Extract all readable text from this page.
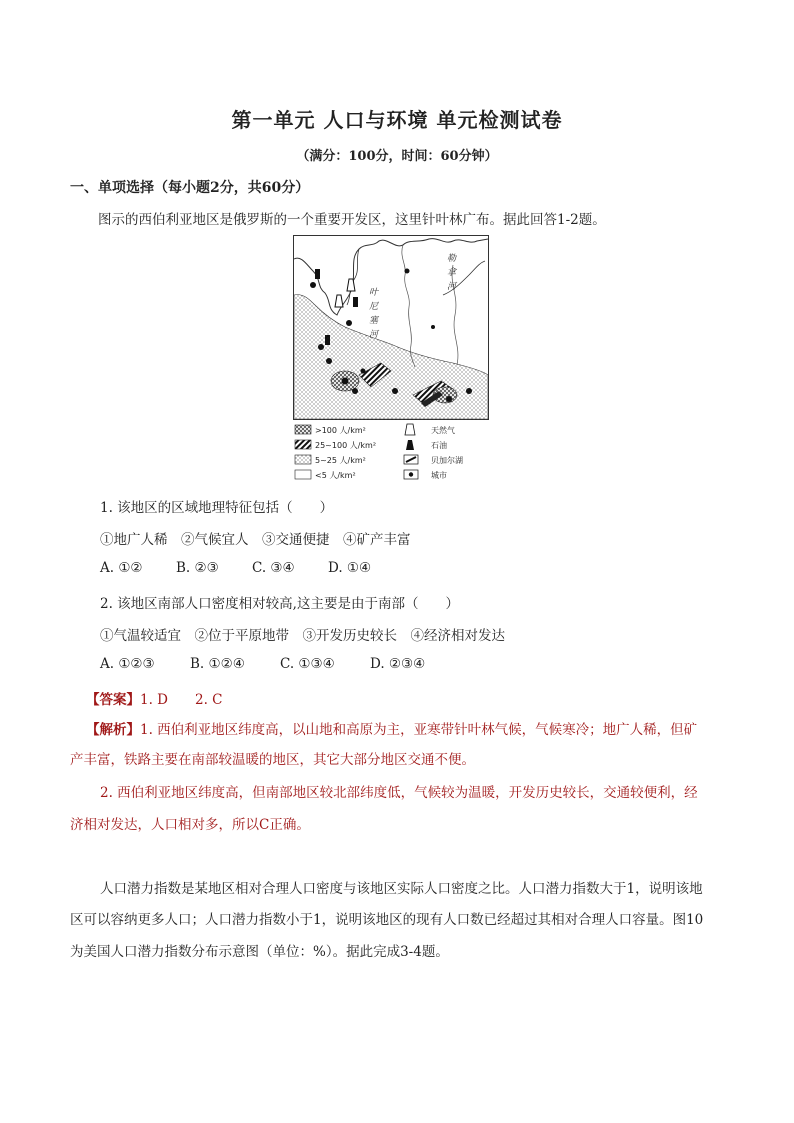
第一单元 人口与环境 单元检测试卷
（满分：100分，时间：60分钟）
一、单项选择（每小题2分，共60分）
图示的西伯利亚地区是俄罗斯的一个重要开发区，这里针叶林广布。据此回答1-2题。
叶
尼
塞
河
勒
拿
河
>100 人/km²
25~100 人/km²
5~25 人/km²
<5 人/km²
天然气
石油
贝加尔湖
城市
1. 该地区的区域地理特征包括（　　）
①地广人稀　②气候宜人　③交通便捷　④矿产丰富
A. ①② B. ②③ C. ③④ D. ①④
2. 该地区南部人口密度相对较高,这主要是由于南部（　　）
①气温较适宜　②位于平原地带　③开发历史较长　④经济相对发达
A. ①②③	B. ①②④	C. ①③④	D. ②③④
【答案】1. D　　2. C
【解析】1. 西伯利亚地区纬度高，以山地和高原为主，亚寒带针叶林气候，气候寒冷；地广人稀，但矿
产丰富，铁路主要在南部较温暖的地区，其它大部分地区交通不便。
2. 西伯利亚地区纬度高，但南部地区较北部纬度低，气候较为温暖，开发历史较长，交通较便利，经
济相对发达，人口相对多，所以C正确。
人口潜力指数是某地区相对合理人口密度与该地区实际人口密度之比。人口潜力指数大于1，说明该地
区可以容纳更多人口；人口潜力指数小于1，说明该地区的现有人口数已经超过其相对合理人口容量。图10
为美国人口潜力指数分布示意图（单位：%）。据此完成3-4题。
